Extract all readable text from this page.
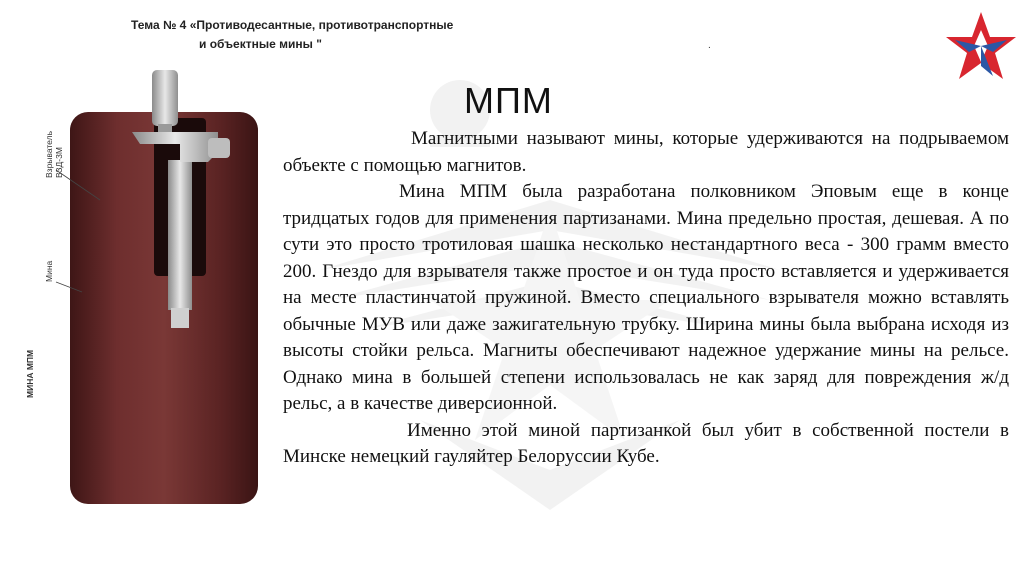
Тема № 4 «Противодесантные, противотранспортные
и объектные мины "	.
МПМ
Взрыватель ВЗД-3М
Мина
МИНА МПМ

Магнитными называют мины, которые удерживаются на подрываемом объекте с помощью магнитов.

Мина МПМ была разработана полковником Эповым еще в конце тридцатых годов для применения партизанами. Мина предельно простая, дешевая. А по сути это просто тротиловая шашка несколько нестандартного веса - 300 грамм вместо 200. Гнездо для взрывателя также простое и он туда просто вставляется и удерживается на месте пластинчатой пружиной. Вместо специального взрывателя можно вставлять обычные МУВ или даже зажигательную трубку. Ширина мины была выбрана исходя из высоты стойки рельса. Магниты обеспечивают надежное удержание мины на рельсе. Однако мина в большей степени использовалась не как заряд для повреждения ж/д рельс, а в качестве диверсионной.

Именно этой миной партизанкой был убит в собственной постели в Минске немецкий гауляйтер Белоруссии Кубе.
